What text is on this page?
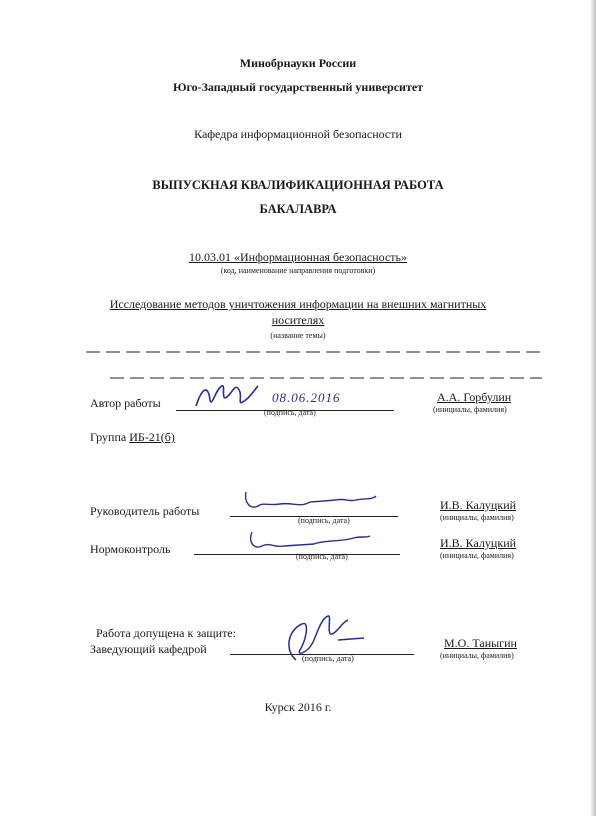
Минобрнауки России
Юго-Западный государственный университет
Кафедра информационной безопасности
ВЫПУСКНАЯ КВАЛИФИКАЦИОННАЯ РАБОТА
БАКАЛАВРА
10.03.01 «Информационная безопасность»
(код, наименование направления подготовки)
Исследование методов уничтожения информации на внешних магнитных
носителях
(название темы)
Автор работы	08.06.2016
(подпись, дата)
А.А. Горбулин
(инициалы, фамилия)
Группа ИБ-21(б)
Руководитель работы
(подпись, дата)
И.В. Калуцкий
(инициалы, фамилия)
Нормоконтроль
(подпись, дата)
И.В. Калуцкий
(инициалы, фамилия)
Работа допущена к защите:
Заведующий кафедрой
(подпись, дата)
М.О. Таныгин
(инициалы, фамилия)
Курск 2016 г.
